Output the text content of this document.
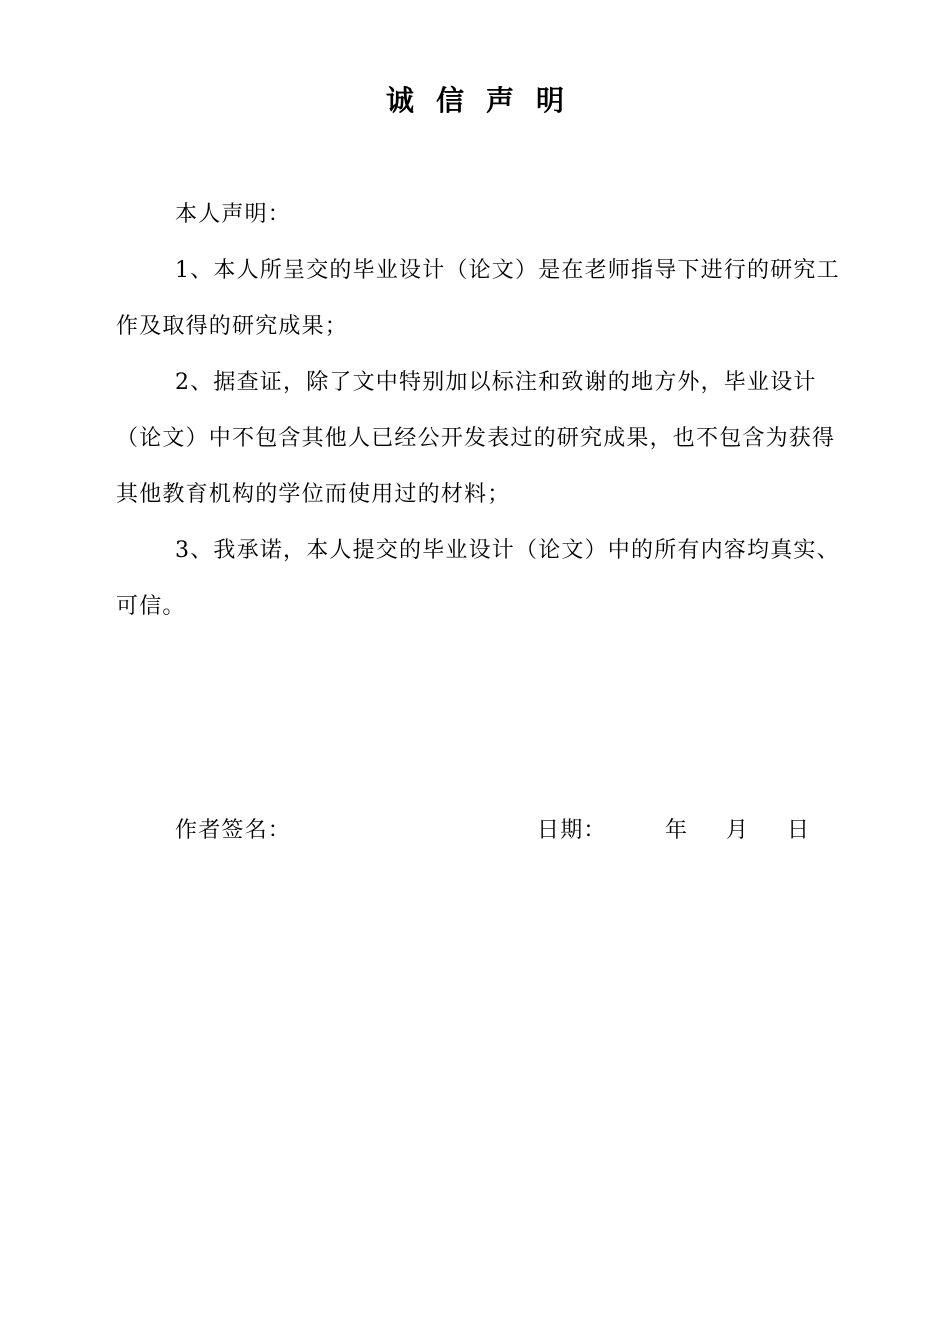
诚信声明

本人声明：

1、本人所呈交的毕业设计（论文）是在老师指导下进行的研究工作及取得的研究成果；

2、据查证，除了文中特别加以标注和致谢的地方外，毕业设计（论文）中不包含其他人已经公开发表过的研究成果，也不包含为获得其他教育机构的学位而使用过的材料；

3、我承诺，本人提交的毕业设计（论文）中的所有内容均真实、可信。

作者签名：	日期：	年 月 日
